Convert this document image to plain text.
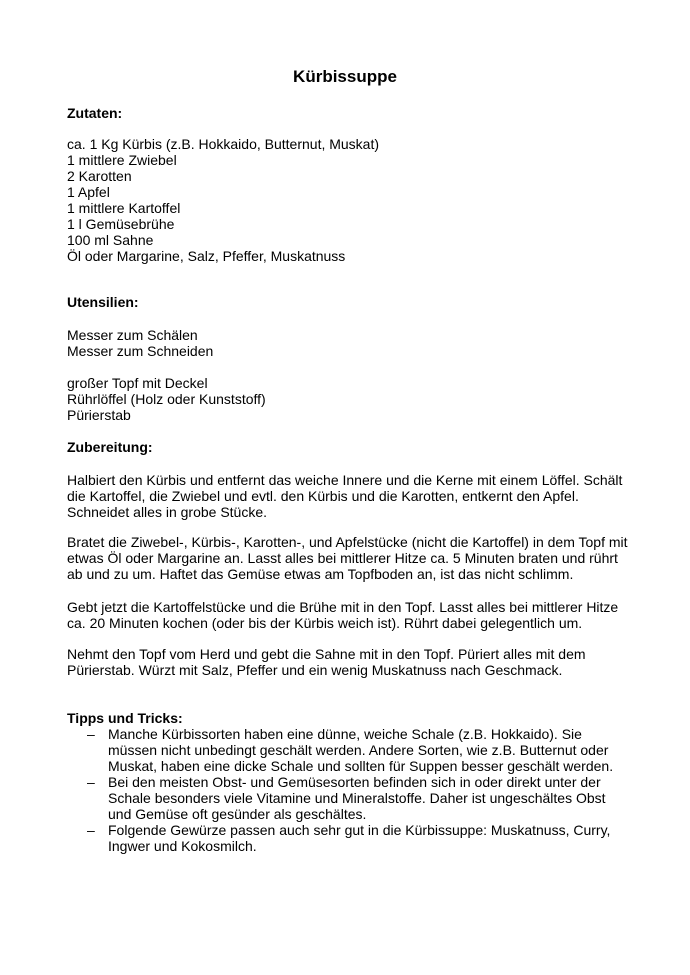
Kürbissuppe
Zutaten:
ca. 1 Kg Kürbis (z.B. Hokkaido, Butternut, Muskat)
1 mittlere Zwiebel
2 Karotten
1 Apfel
1 mittlere Kartoffel
1 l Gemüsebrühe
100 ml Sahne
Öl oder Margarine, Salz, Pfeffer, Muskatnuss
Utensilien:
Messer zum Schälen
Messer zum Schneiden
großer Topf mit Deckel
Rührlöffel (Holz oder Kunststoff)
Pürierstab
Zubereitung:
Halbiert den Kürbis und entfernt das weiche Innere und die Kerne mit einem Löffel. Schält die Kartoffel, die Zwiebel und evtl. den Kürbis und die Karotten, entkernt den Apfel. Schneidet alles in grobe Stücke.
Bratet die Ziwebel-, Kürbis-, Karotten-, und Apfelstücke (nicht die Kartoffel) in dem Topf mit etwas Öl oder Margarine an. Lasst alles bei mittlerer Hitze ca. 5 Minuten braten und rührt ab und zu um. Haftet das Gemüse etwas am Topfboden an, ist das nicht schlimm.
Gebt jetzt die Kartoffelstücke und die Brühe mit in den Topf. Lasst alles bei mittlerer Hitze ca. 20 Minuten kochen (oder bis der Kürbis weich ist). Rührt dabei gelegentlich um.
Nehmt den Topf vom Herd und gebt die Sahne mit in den Topf. Püriert alles mit dem Pürierstab. Würzt mit Salz, Pfeffer und ein wenig Muskatnuss nach Geschmack.
Tipps und Tricks:
– Manche Kürbissorten haben eine dünne, weiche Schale (z.B. Hokkaido). Sie müssen nicht unbedingt geschält werden. Andere Sorten, wie z.B. Butternut oder Muskat, haben eine dicke Schale und sollten für Suppen besser geschält werden.
– Bei den meisten Obst- und Gemüsesorten befinden sich in oder direkt unter der Schale besonders viele Vitamine und Mineralstoffe. Daher ist ungeschältes Obst und Gemüse oft gesünder als geschältes.
– Folgende Gewürze passen auch sehr gut in die Kürbissuppe: Muskatnuss, Curry, Ingwer und Kokosmilch.
